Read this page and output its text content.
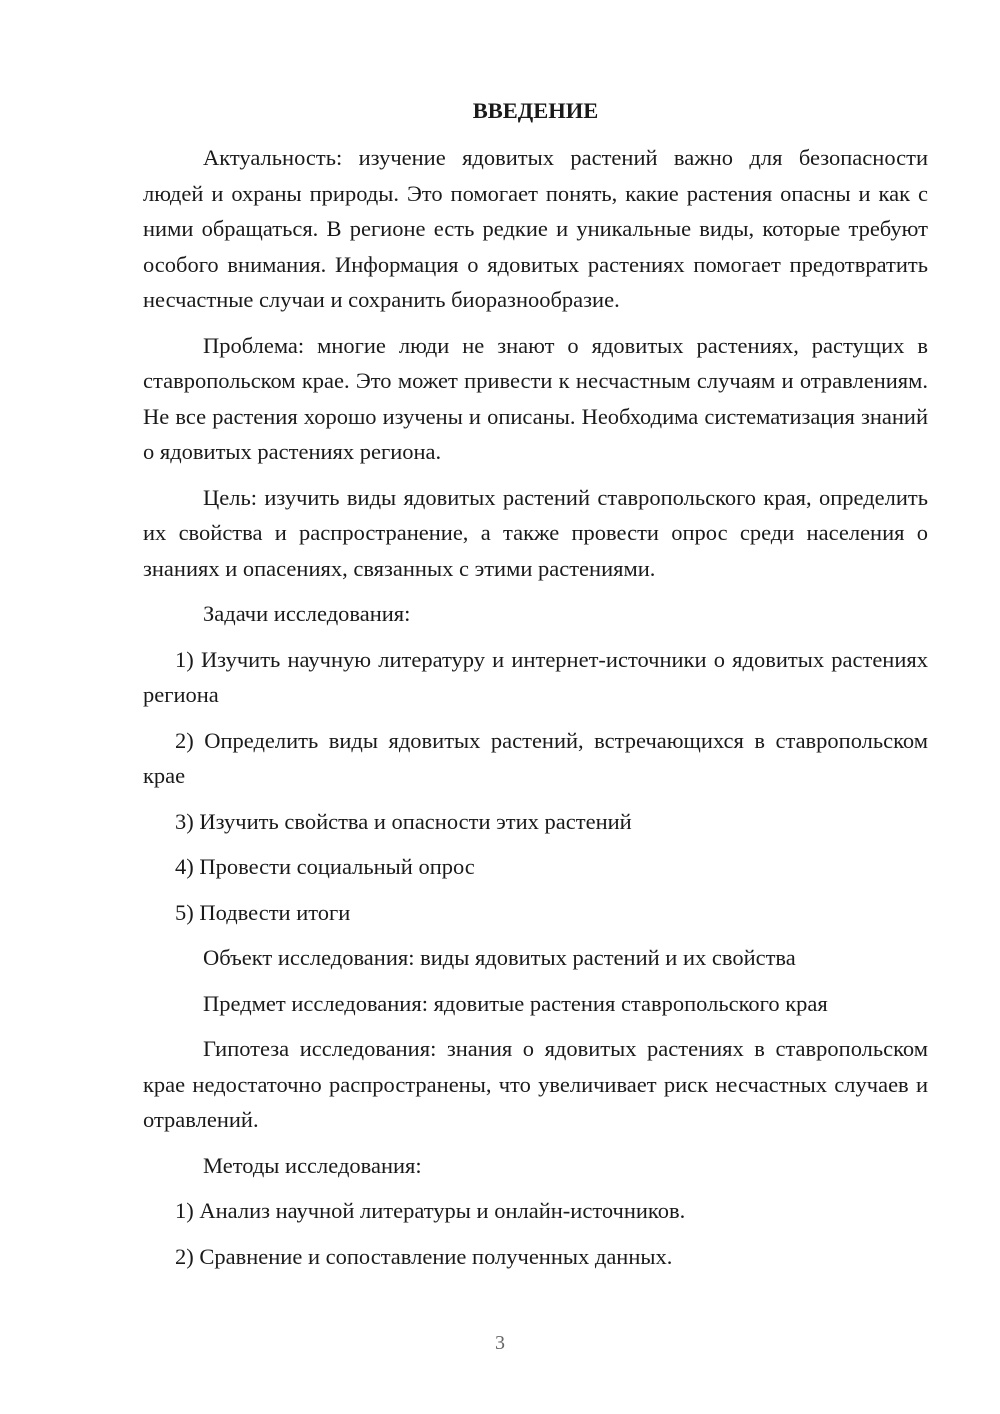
ВВЕДЕНИЕ

Актуальность: изучение ядовитых растений важно для безопасности людей и охраны природы. Это помогает понять, какие растения опасны и как с ними обращаться. В регионе есть редкие и уникальные виды, которые требуют особого внимания. Информация о ядовитых растениях помогает предотвратить несчастные случаи и сохранить биоразнообразие.

Проблема: многие люди не знают о ядовитых растениях, растущих в ставропольском крае. Это может привести к несчастным случаям и отравлениям. Не все растения хорошо изучены и описаны. Необходима систематизация знаний о ядовитых растениях региона.

Цель: изучить виды ядовитых растений ставропольского края, определить их свойства и распространение, а также провести опрос среди населения о знаниях и опасениях, связанных с этими растениями.

Задачи исследования:

1) Изучить научную литературу и интернет-источники о ядовитых растениях региона

2) Определить виды ядовитых растений, встречающихся в ставропольском крае

3) Изучить свойства и опасности этих растений

4) Провести социальный опрос

5) Подвести итоги

Объект исследования: виды ядовитых растений и их свойства

Предмет исследования: ядовитые растения ставропольского края

Гипотеза исследования: знания о ядовитых растениях в ставропольском крае недостаточно распространены, что увеличивает риск несчастных случаев и отравлений.

Методы исследования:

1) Анализ научной литературы и онлайн-источников.

2) Сравнение и сопоставление полученных данных.

3
